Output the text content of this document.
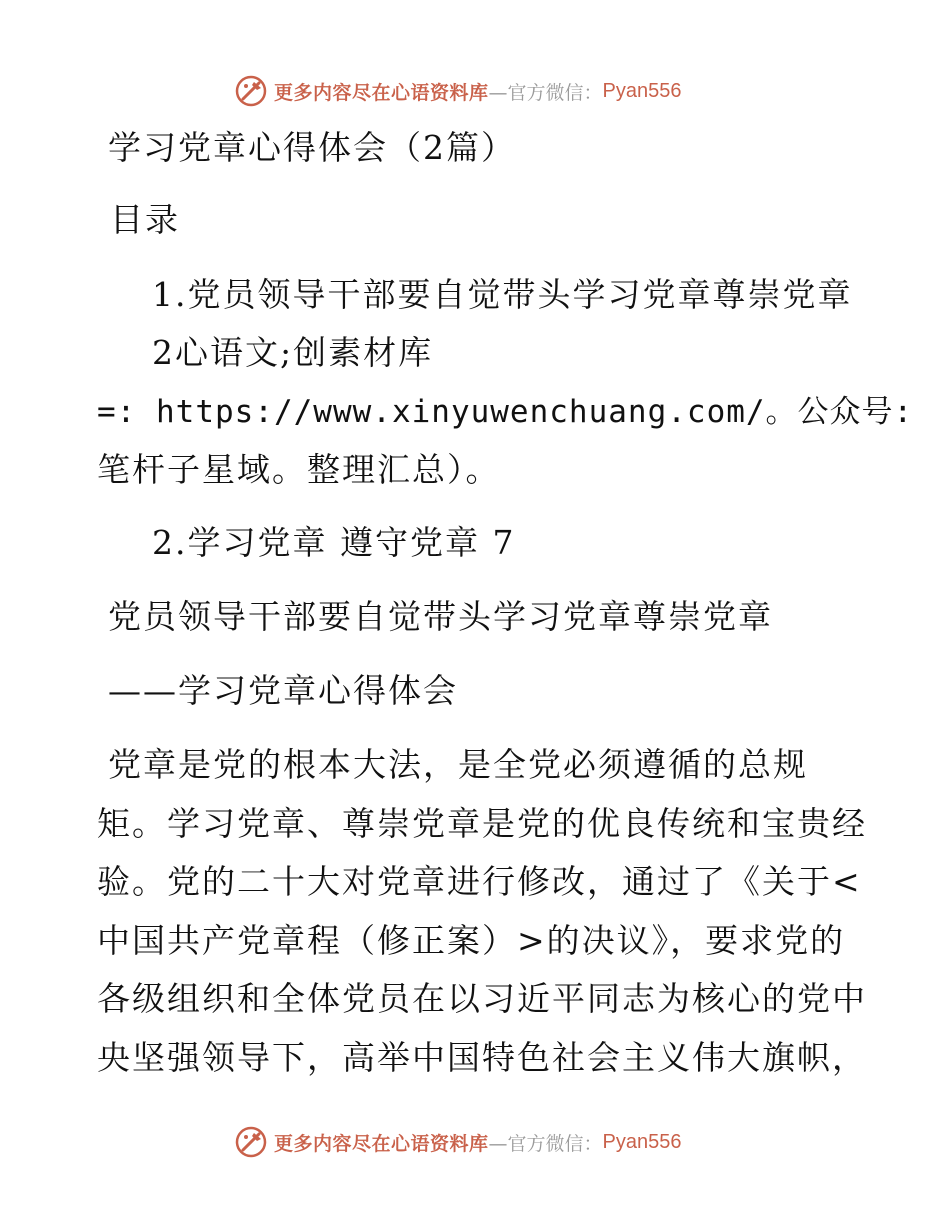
更多内容尽在心语资料库 —官方微信： Pyan556
学习党章心得体会（2篇）
目录
1.党员领导干部要自觉带头学习党章尊崇党章
2心语文;创素材库
=: https://www.xinyuwenchuang.com/。公众号:
笔杆子星域。整理汇总）。
2.学习党章 遵守党章 7
党员领导干部要自觉带头学习党章尊崇党章
——学习党章心得体会
党章是党的根本大法，是全党必须遵循的总规
矩。学习党章、尊崇党章是党的优良传统和宝贵经
验。党的二十大对党章进行修改，通过了《关于<
中国共产党章程（修正案）>的决议》，要求党的
各级组织和全体党员在以习近平同志为核心的党中
央坚强领导下，高举中国特色社会主义伟大旗帜，
更多内容尽在心语资料库 —官方微信： Pyan556
